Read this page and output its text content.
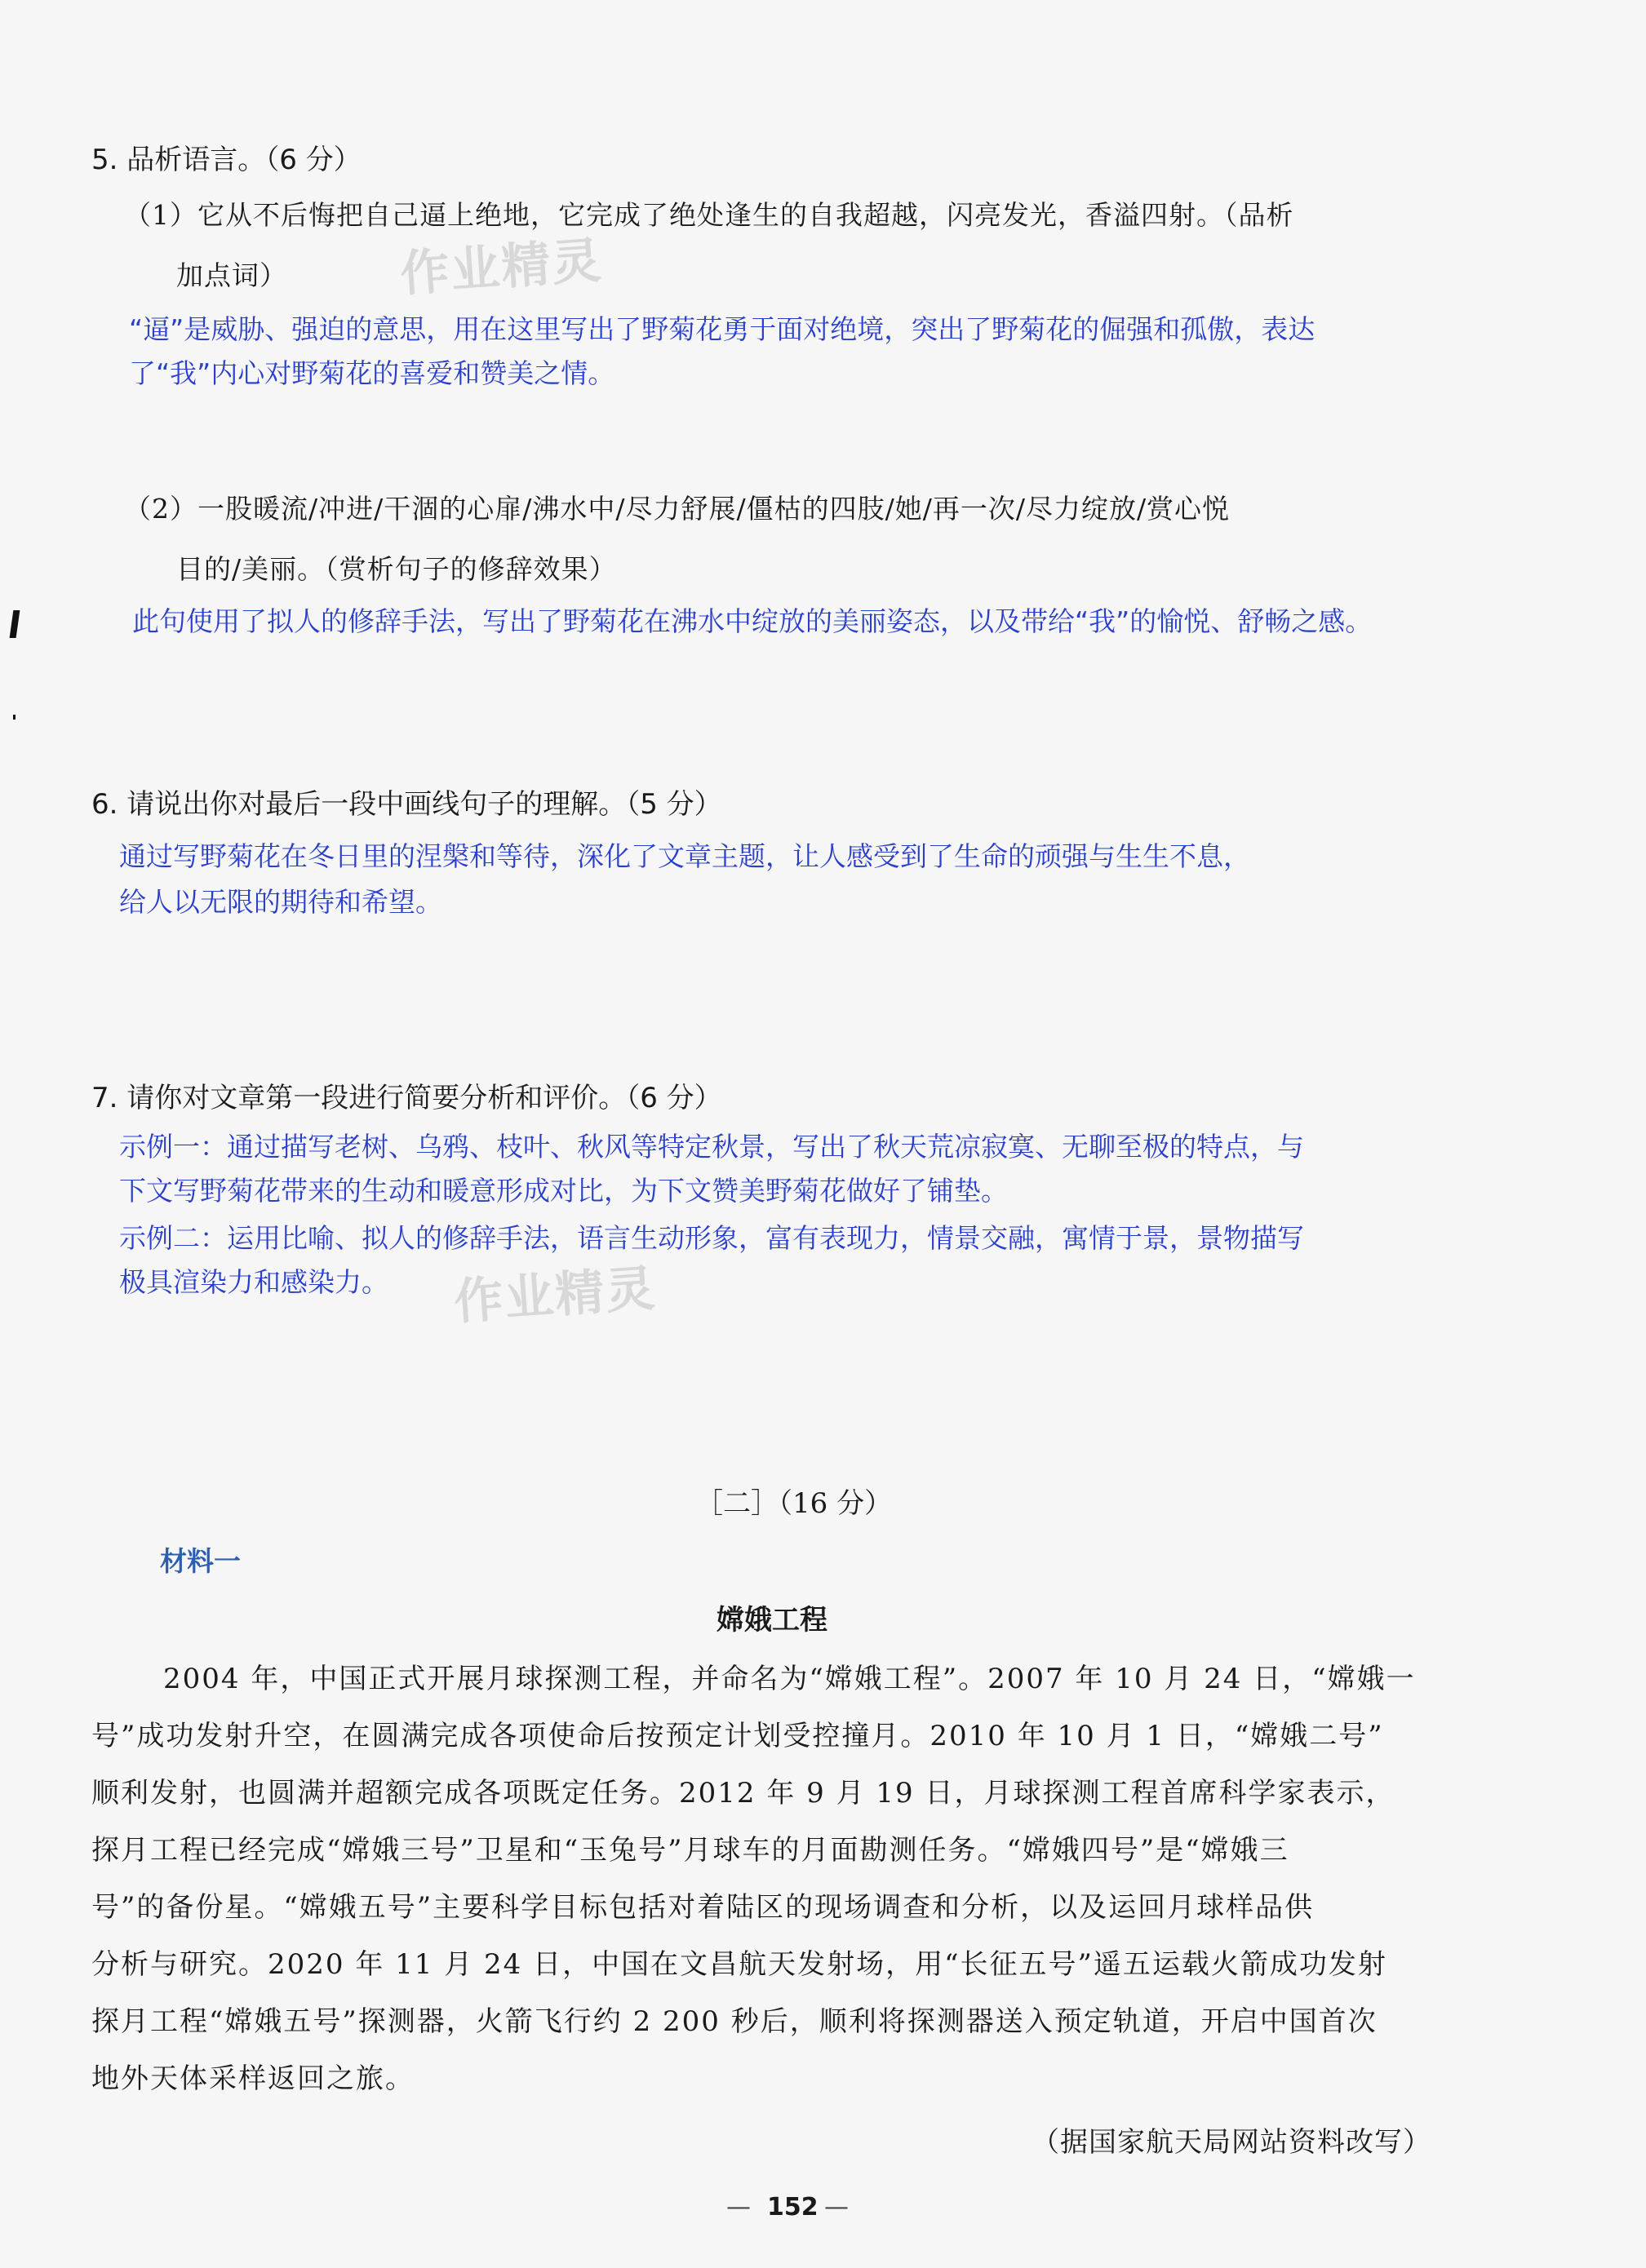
5. 品析语言。（6 分）
（1）它从不后悔把自己逼上绝地，它完成了绝处逢生的自我超越，闪亮发光，香溢四射。（品析
加点词）
“逼”是威胁、强迫的意思，用在这里写出了野菊花勇于面对绝境，突出了野菊花的倔强和孤傲，表达
了“我”内心对野菊花的喜爱和赞美之情。
作业精灵
（2）一股暖流/冲进/干涸的心扉/沸水中/尽力舒展/僵枯的四肢/她/再一次/尽力绽放/赏心悦
目的/美丽。（赏析句子的修辞效果）
此句使用了拟人的修辞手法，写出了野菊花在沸水中绽放的美丽姿态，以及带给“我”的愉悦、舒畅之感。
6. 请说出你对最后一段中画线句子的理解。（5 分）
通过写野菊花在冬日里的涅槃和等待，深化了文章主题，让人感受到了生命的顽强与生生不息，
给人以无限的期待和希望。
7. 请你对文章第一段进行简要分析和评价。（6 分）
示例一：通过描写老树、乌鸦、枝叶、秋风等特定秋景，写出了秋天荒凉寂寞、无聊至极的特点，与
下文写野菊花带来的生动和暖意形成对比，为下文赞美野菊花做好了铺垫。
示例二：运用比喻、拟人的修辞手法，语言生动形象，富有表现力，情景交融，寓情于景，景物描写
极具渲染力和感染力。 作业精灵
［二］（16 分）
材料一
嫦娥工程
2004 年，中国正式开展月球探测工程，并命名为“嫦娥工程”。2007 年 10 月 24 日，“嫦娥一
号”成功发射升空，在圆满完成各项使命后按预定计划受控撞月。2010 年 10 月 1 日，“嫦娥二号”
顺利发射，也圆满并超额完成各项既定任务。2012 年 9 月 19 日，月球探测工程首席科学家表示，
探月工程已经完成“嫦娥三号”卫星和“玉兔号”月球车的月面勘测任务。“嫦娥四号”是“嫦娥三
号”的备份星。“嫦娥五号”主要科学目标包括对着陆区的现场调查和分析，以及运回月球样品供
分析与研究。2020 年 11 月 24 日，中国在文昌航天发射场，用“长征五号”遥五运载火箭成功发射
探月工程“嫦娥五号”探测器，火箭飞行约 2 200 秒后，顺利将探测器送入预定轨道，开启中国首次
地外天体采样返回之旅。
（据国家航天局网站资料改写）
— 152 —
